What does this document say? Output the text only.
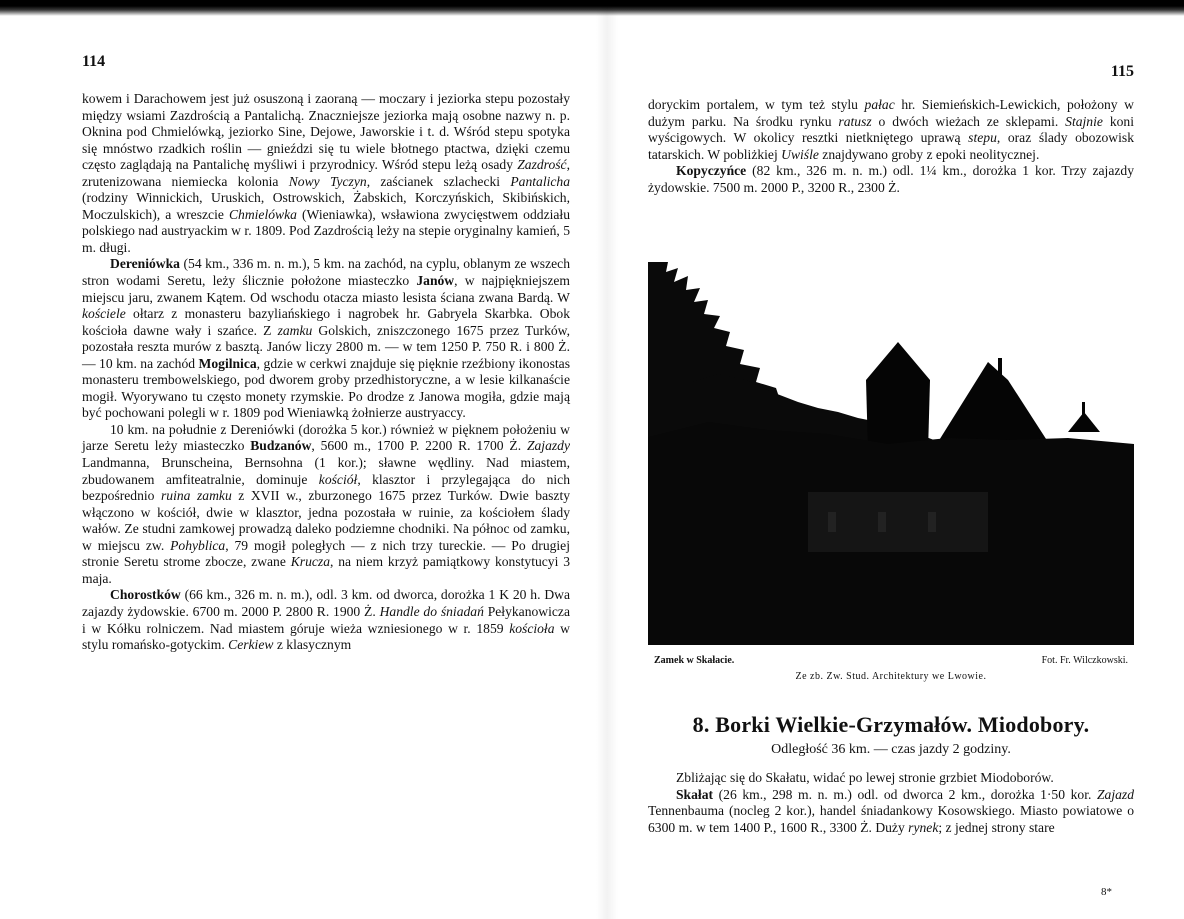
114

kowem i Darachowem jest już osuszoną i zaoraną — moczary i jeziorka stepu pozostały między wsiami Zazdrością a Pantalichą. Znaczniejsze jeziorka mają osobne nazwy n. p. Oknina pod Chmielówką, jeziorko Sine, Dejowe, Jaworskie i t. d. Wśród stepu spotyka się mnóstwo rzadkich roślin — gnieździ się tu wiele błotnego ptactwa, dzięki czemu często zaglądają na Pantalichę myśliwi i przyrodnicy. Wśród stepu leżą osady Zazdrość, zrutenizowana niemiecka kolonia Nowy Tyczyn, zaścianek szlachecki Pantalicha (rodziny Winnickich, Uruskich, Ostrowskich, Żabskich, Korczyńskich, Skibińskich, Moczulskich), a wreszcie Chmielówka (Wieniawka), wsławiona zwycięstwem oddziału polskiego nad austryackim w r. 1809. Pod Zazdrością leży na stepie oryginalny kamień, 5 m. długi.

Dereniówka (54 km., 336 m. n. m.), 5 km. na zachód, na cyplu, oblanym ze wszech stron wodami Seretu, leży ślicznie położone miasteczko Janów, w najpiękniejszem miejscu jaru, zwanem Kątem. Od wschodu otacza miasto lesista ściana zwana Bardą. W kościele ołtarz z monasteru bazyliańskiego i nagrobek hr. Gabryela Skarbka. Obok kościoła dawne wały i szańce. Z zamku Golskich, zniszczonego 1675 przez Turków, pozostała reszta murów z basztą. Janów liczy 2800 m. — w tem 1250 P. 750 R. i 800 Ż. — 10 km. na zachód Mogilnica, gdzie w cerkwi znajduje się pięknie rzeźbiony ikonostas monasteru trembowelskiego, pod dworem groby przedhistoryczne, a w lesie kilkanaście mogił. Wyorywano tu często monety rzymskie. Po drodze z Janowa mogiła, gdzie mają być pochowani polegli w r. 1809 pod Wieniawką żołnierze austryaccy.

10 km. na południe z Dereniówki (dorożka 5 kor.) również w pięknem położeniu w jarze Seretu leży miasteczko Budzanów, 5600 m., 1700 P. 2200 R. 1700 Ż. Zajazdy Landmanna, Brunscheina, Bernsohna (1 kor.); sławne wędliny. Nad miastem, zbudowanem amfiteatralnie, dominuje kościół, klasztor i przylegająca do nich bezpośrednio ruina zamku z XVII w., zburzonego 1675 przez Turków. Dwie baszty włączono w kościół, dwie w klasztor, jedna pozostała w ruinie, za kościołem ślady wałów. Ze studni zamkowej prowadzą daleko podziemne chodniki. Na północ od zamku, w miejscu zw. Pohyblica, 79 mogił poległych — z nich trzy tureckie. — Po drugiej stronie Seretu strome zbocze, zwane Krucza, na niem krzyż pamiątkowy konstytucyi 3 maja.

Chorostków (66 km., 326 m. n. m.), odl. 3 km. od dworca, dorożka 1 K 20 h. Dwa zajazdy żydowskie. 6700 m. 2000 P. 2800 R. 1900 Ż. Handle do śniadań Pełykanowicza i w Kółku rolniczem. Nad miastem góruje wieża wzniesionego w r. 1859 kościoła w stylu romańsko-gotyckim. Cerkiew z klasycznym

115

doryckim portalem, w tym też stylu pałac hr. Siemieńskich-Lewickich, położony w dużym parku. Na środku rynku ratusz o dwóch wieżach ze sklepami. Stajnie koni wyścigowych. W okolicy resztki nietkniętego uprawą stepu, oraz ślady obozowisk tatarskich. W pobliżkiej Uwiśle znajdywano groby z epoki neolitycznej.

Kopyczyńce (82 km., 326 m. n. m.) odl. 1¼ km., dorożka 1 kor. Trzy zajazdy żydowskie. 7500 m. 2000 P., 3200 R., 2300 Ż.

Zamek w Skałacie.	Fot. Fr. Wilczkowski.
Ze zb. Zw. Stud. Architektury we Lwowie.
8. Borki Wielkie-Grzymałów. Miodobory.
Odległość 36 km. — czas jazdy 2 godziny.

Zbliżając się do Skałatu, widać po lewej stronie grzbiet Miodoborów.

Skałat (26 km., 298 m. n. m.) odl. od dworca 2 km., dorożka 1·50 kor. Zajazd Tennenbauma (nocleg 2 kor.), handel śniadankowy Kosowskiego. Miasto powiatowe o 6300 m. w tem 1400 P., 1600 R., 3300 Ż. Duży rynek; z jednej strony stare

8*
